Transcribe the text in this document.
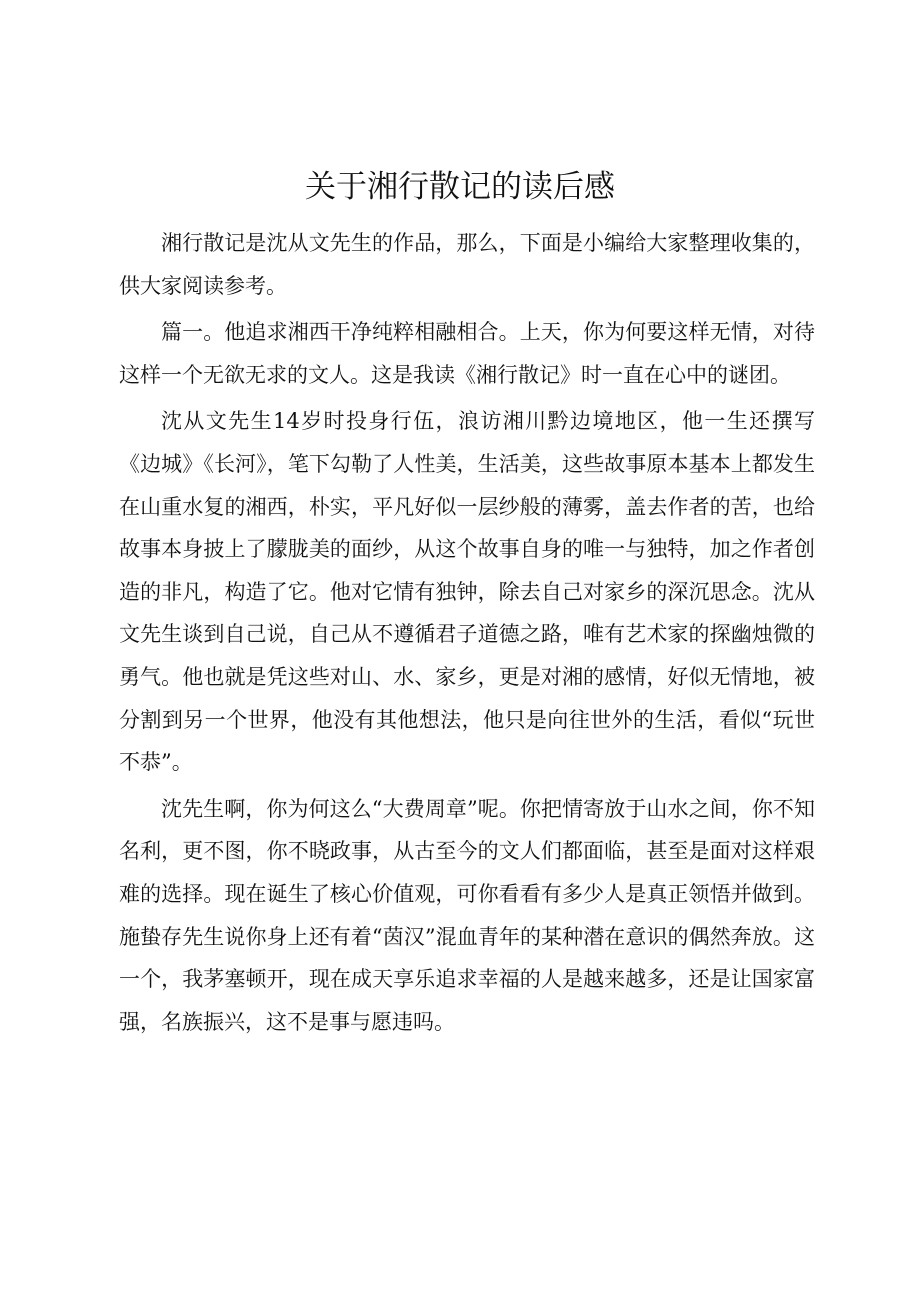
关于湘行散记的读后感

湘行散记是沈从文先生的作品，那么，下面是小编给大家整理收集的，供大家阅读参考。

篇一。他追求湘西干净纯粹相融相合。上天，你为何要这样无情，对待这样一个无欲无求的文人。这是我读《湘行散记》时一直在心中的谜团。

沈从文先生14岁时投身行伍，浪访湘川黔边境地区，他一生还撰写《边城》《长河》，笔下勾勒了人性美，生活美，这些故事原本基本上都发生在山重水复的湘西，朴实，平凡好似一层纱般的薄雾，盖去作者的苦，也给故事本身披上了朦胧美的面纱，从这个故事自身的唯一与独特，加之作者创造的非凡，构造了它。他对它情有独钟，除去自己对家乡的深沉思念。沈从文先生谈到自己说，自己从不遵循君子道德之路，唯有艺术家的探幽烛微的勇气。他也就是凭这些对山、水、家乡，更是对湘的感情，好似无情地，被分割到另一个世界，他没有其他想法，他只是向往世外的生活，看似“玩世不恭”。

沈先生啊，你为何这么“大费周章”呢。你把情寄放于山水之间，你不知名利，更不图，你不晓政事，从古至今的文人们都面临，甚至是面对这样艰难的选择。现在诞生了核心价值观，可你看看有多少人是真正领悟并做到。施蛰存先生说你身上还有着“茵汉”混血青年的某种潜在意识的偶然奔放。这一个，我茅塞顿开，现在成天享乐追求幸福的人是越来越多，还是让国家富强，名族振兴，这不是事与愿违吗。
